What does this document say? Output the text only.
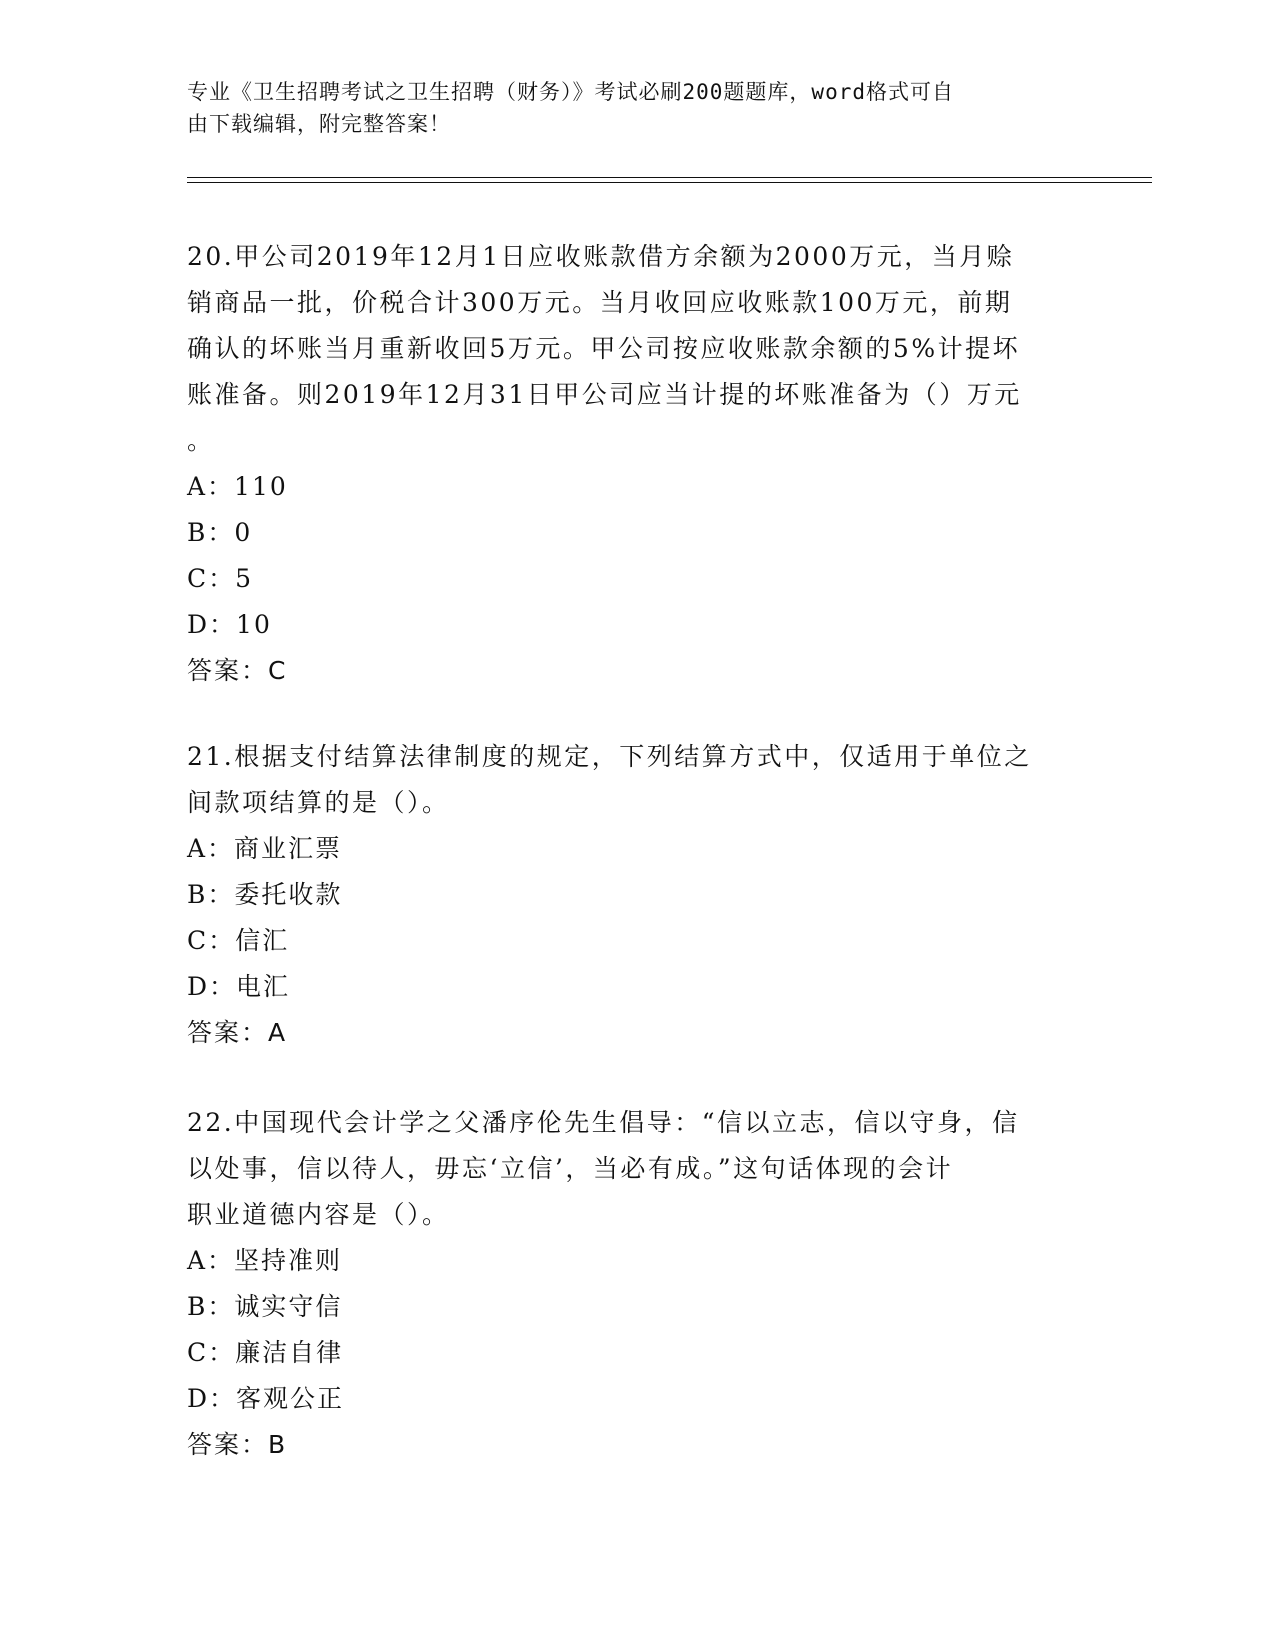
专业《卫生招聘考试之卫生招聘（财务）》考试必刷200题题库，word格式可自
由下载编辑，附完整答案！
20.甲公司2019年12月1日应收账款借方余额为2000万元，当月赊
销商品一批，价税合计300万元。当月收回应收账款100万元，前期
确认的坏账当月重新收回5万元。甲公司按应收账款余额的5%计提坏
账准备。则2019年12月31日甲公司应当计提的坏账准备为（）万元
。
A：110
B：0
C：5
D：10
答案：C
21.根据支付结算法律制度的规定，下列结算方式中，仅适用于单位之
间款项结算的是（）。
A：商业汇票
B：委托收款
C：信汇
D：电汇
答案：A
22.中国现代会计学之父潘序伦先生倡导：“信以立志，信以守身，信
以处事，信以待人，毋忘‘立信’，当必有成。”这句话体现的会计
职业道德内容是（）。
A：坚持准则
B：诚实守信
C：廉洁自律
D：客观公正
答案：B
